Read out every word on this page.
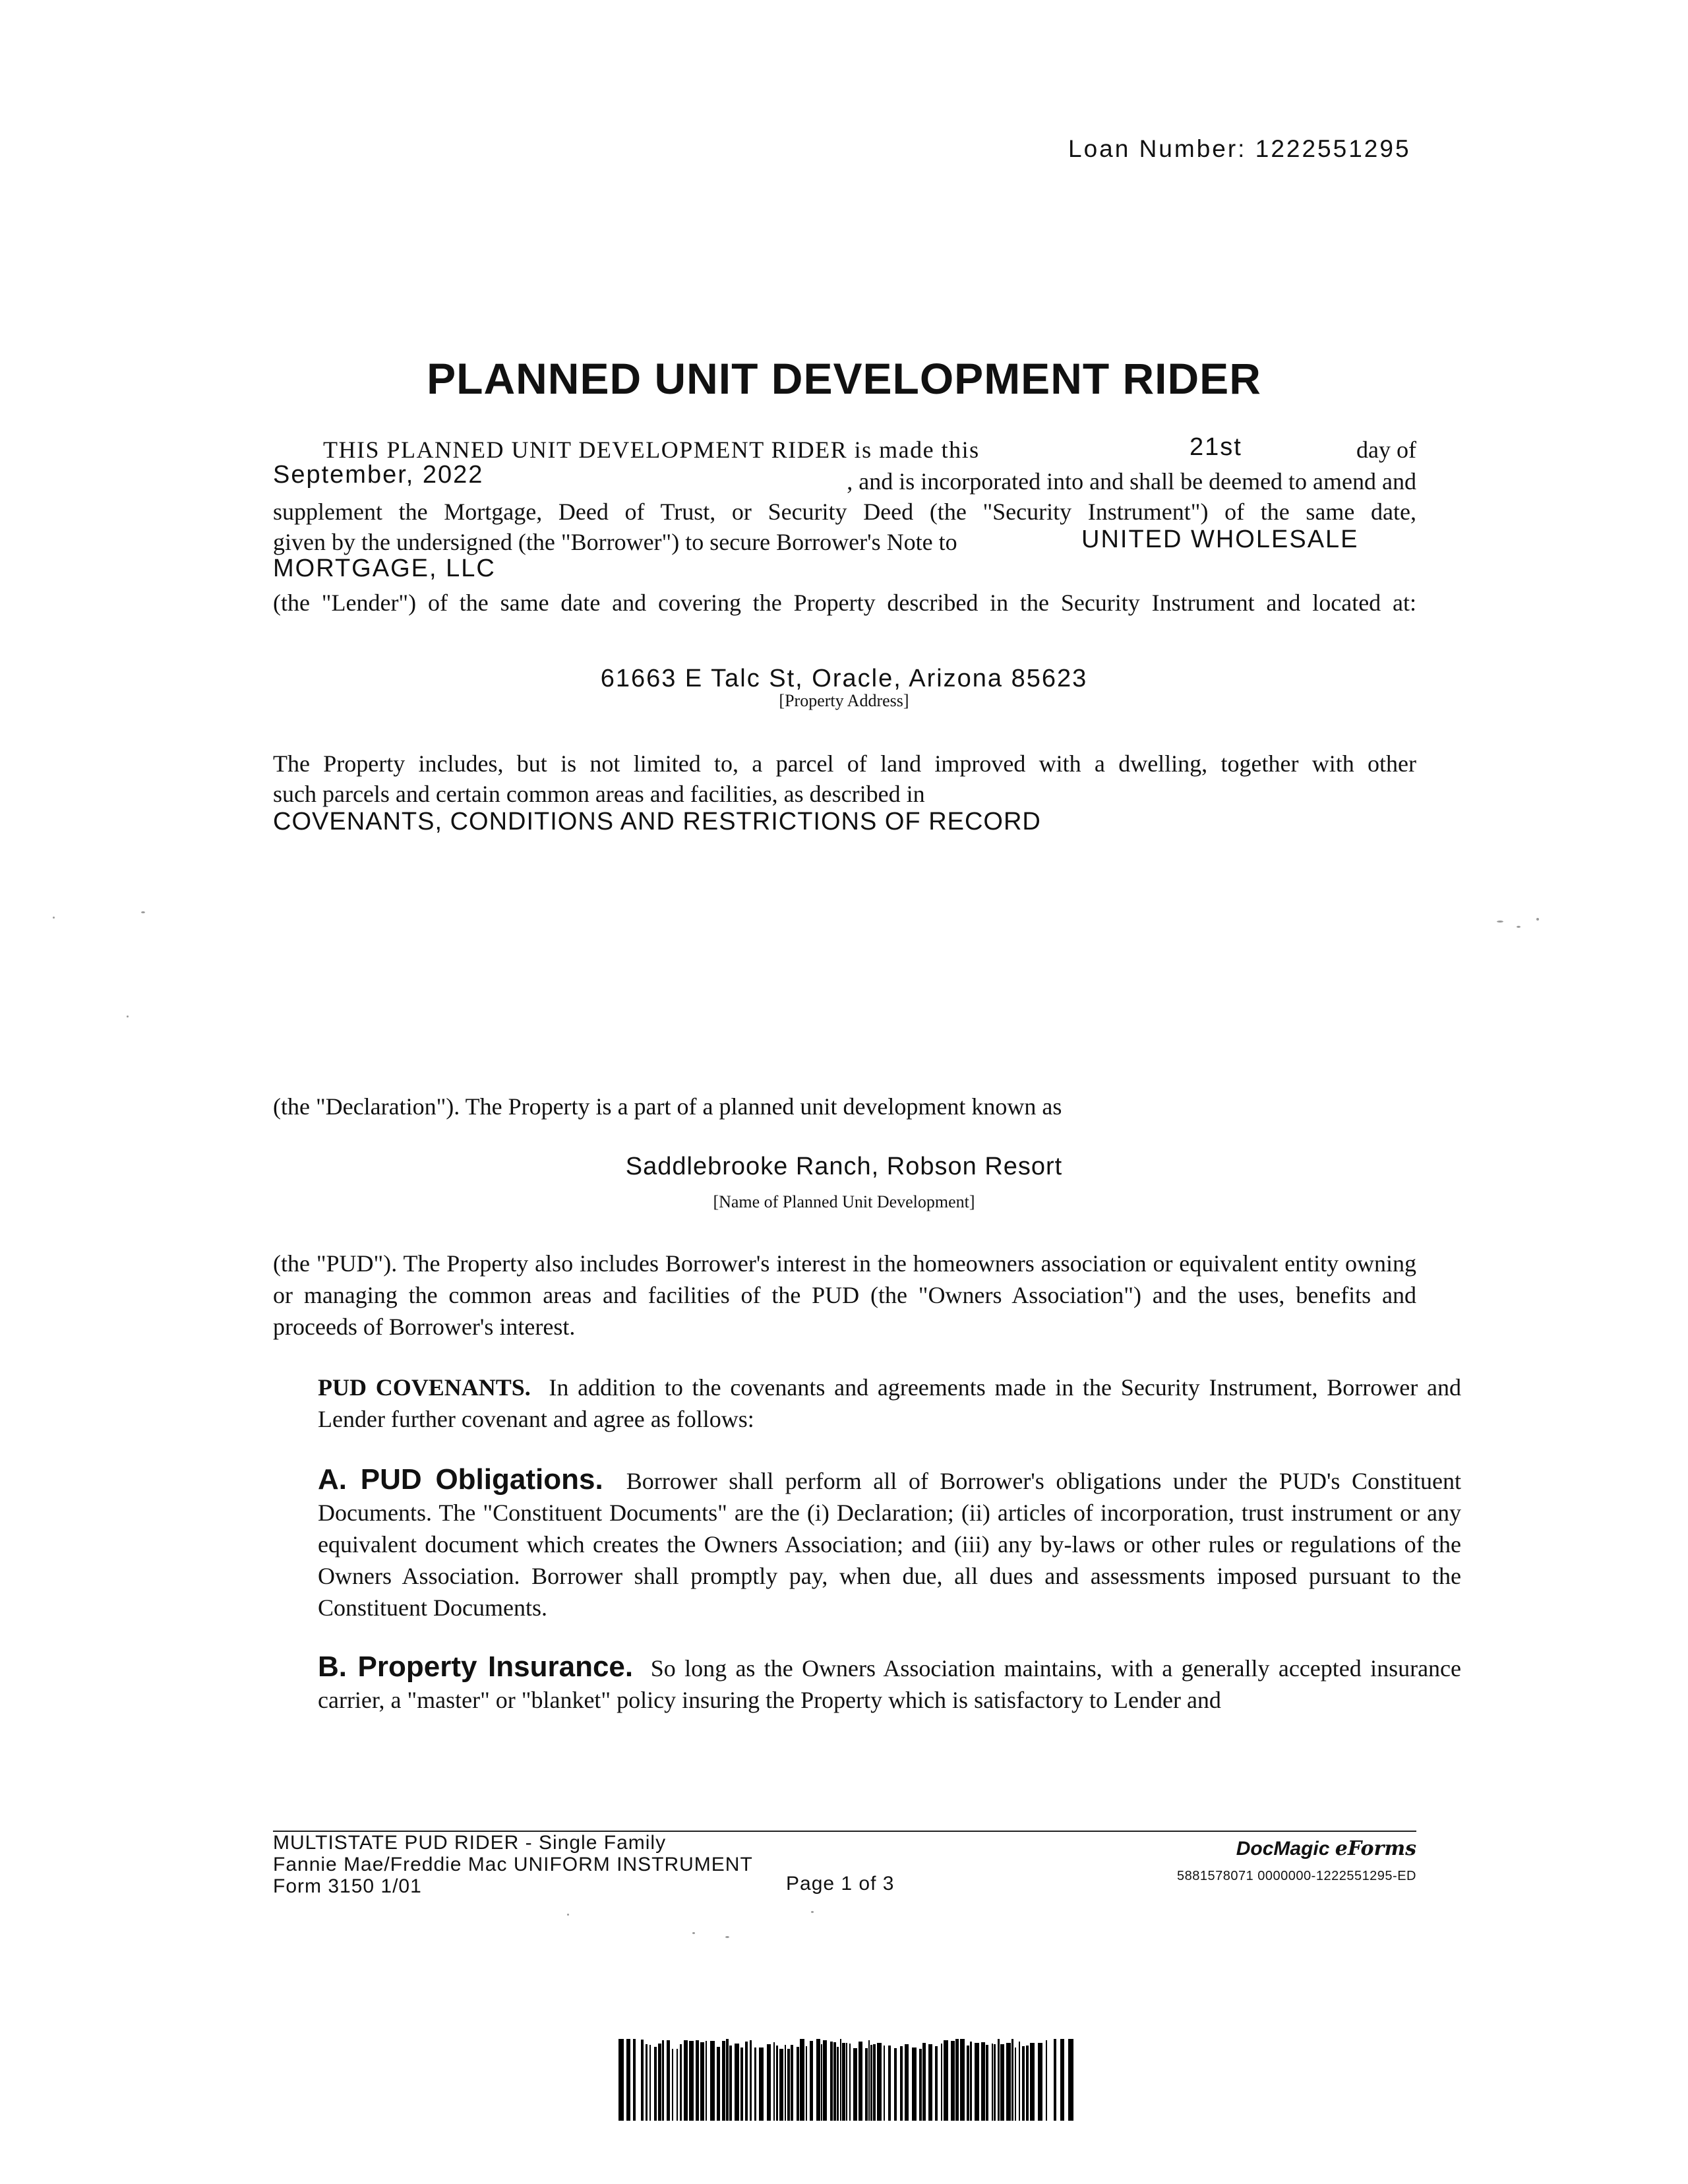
Loan Number: 1222551295
PLANNED UNIT DEVELOPMENT RIDER
THIS PLANNED UNIT DEVELOPMENT RIDER is made this	21st	day of
September, 2022	, and is incorporated into and shall be deemed to amend and
supplement the Mortgage, Deed of Trust, or Security Deed (the "Security Instrument") of the same date,
given by the undersigned (the "Borrower") to secure Borrower's Note to	UNITED WHOLESALE
MORTGAGE, LLC
(the "Lender") of the same date and covering the Property described in the Security Instrument and located at:
61663 E Talc St, Oracle, Arizona 85623
[Property Address]
The Property includes, but is not limited to, a parcel of land improved with a dwelling, together with other
such parcels and certain common areas and facilities, as described in
COVENANTS, CONDITIONS AND RESTRICTIONS OF RECORD
(the "Declaration"). The Property is a part of a planned unit development known as
Saddlebrooke Ranch, Robson Resort
[Name of Planned Unit Development]
(the "PUD"). The Property also includes Borrower's interest in the homeowners association or equivalent entity owning or managing the common areas and facilities of the PUD (the "Owners Association") and the uses, benefits and proceeds of Borrower's interest.
PUD COVENANTS. In addition to the covenants and agreements made in the Security Instrument, Borrower and Lender further covenant and agree as follows:
A. PUD Obligations. Borrower shall perform all of Borrower's obligations under the PUD's Constituent Documents. The "Constituent Documents" are the (i) Declaration; (ii) articles of incorporation, trust instrument or any equivalent document which creates the Owners Association; and (iii) any by-laws or other rules or regulations of the Owners Association. Borrower shall promptly pay, when due, all dues and assessments imposed pursuant to the Constituent Documents.
B. Property Insurance. So long as the Owners Association maintains, with a generally accepted insurance carrier, a "master" or "blanket" policy insuring the Property which is satisfactory to Lender and
MULTISTATE PUD RIDER - Single Family
Fannie Mae/Freddie Mac UNIFORM INSTRUMENT
Form 3150 1/01	Page 1 of 3
DocMagic eForms
5881578071 0000000-1222551295-ED
